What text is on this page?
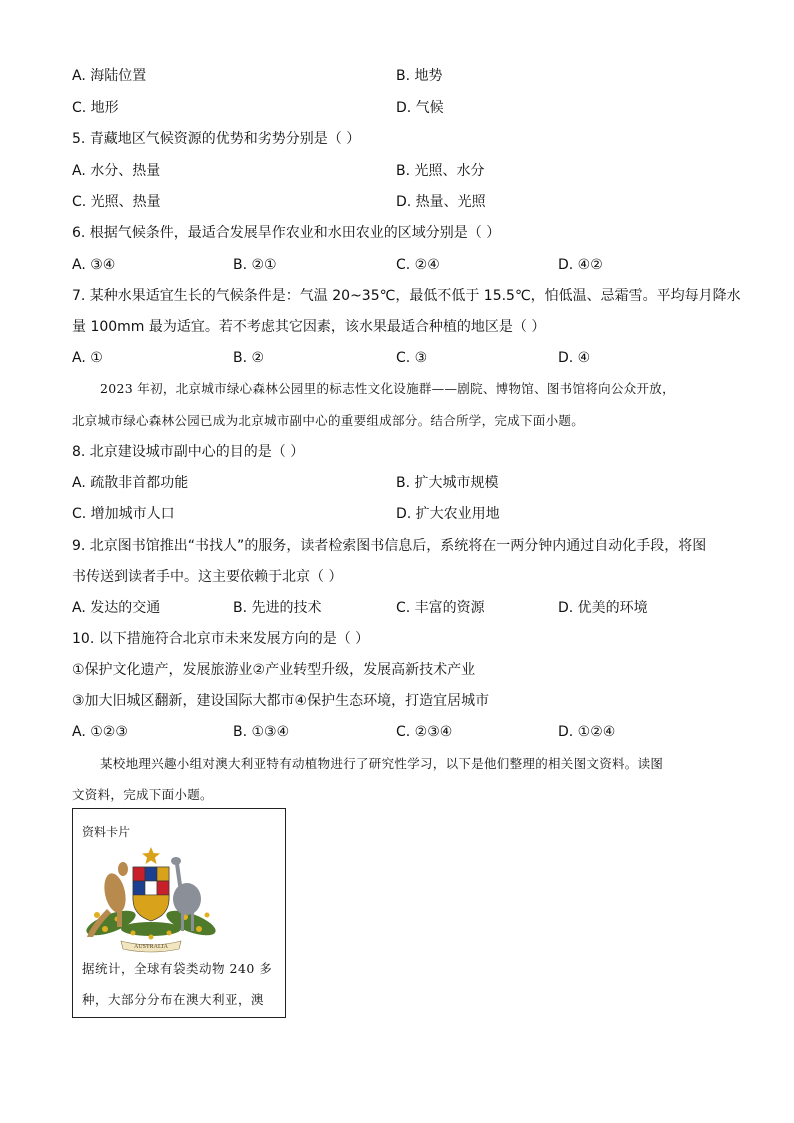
A. 海陆位置	B. 地势
C. 地形	D. 气候
5. 青藏地区气候资源的优势和劣势分别是（ ）
A. 水分、热量	B. 光照、水分
C. 光照、热量	D. 热量、光照
6. 根据气候条件，最适合发展旱作农业和水田农业的区域分别是（ ）
A. ③④	B. ②①	C. ②④	D. ④②
7. 某种水果适宜生长的气候条件是：气温 20~35℃，最低不低于 15.5℃，怕低温、忌霜雪。平均每月降水
量 100mm 最为适宜。若不考虑其它因素，该水果最适合种植的地区是（ ）
A. ①	B. ②	C. ③	D. ④
2023 年初，北京城市绿心森林公园里的标志性文化设施群——剧院、博物馆、图书馆将向公众开放，
北京城市绿心森林公园已成为北京城市副中心的重要组成部分。结合所学，完成下面小题。
8. 北京建设城市副中心的目的是（ ）
A. 疏散非首都功能	B. 扩大城市规模
C. 增加城市人口	D. 扩大农业用地
9. 北京图书馆推出“书找人”的服务，读者检索图书信息后，系统将在一两分钟内通过自动化手段，将图
书传送到读者手中。这主要依赖于北京（ ）
A. 发达的交通	B. 先进的技术	C. 丰富的资源	D. 优美的环境
10. 以下措施符合北京市未来发展方向的是（ ）
①保护文化遗产，发展旅游业②产业转型升级，发展高新技术产业
③加大旧城区翻新，建设国际大都市④保护生态环境，打造宜居城市
A. ①②③	B. ①③④	C. ②③④	D. ①②④
某校地理兴趣小组对澳大利亚特有动植物进行了研究性学习，以下是他们整理的相关图文资料。读图
文资料，完成下面小题。
资料卡片
AUSTRALIA
据统计，全球有袋类动物 240 多
种，大部分分布在澳大利亚，澳
